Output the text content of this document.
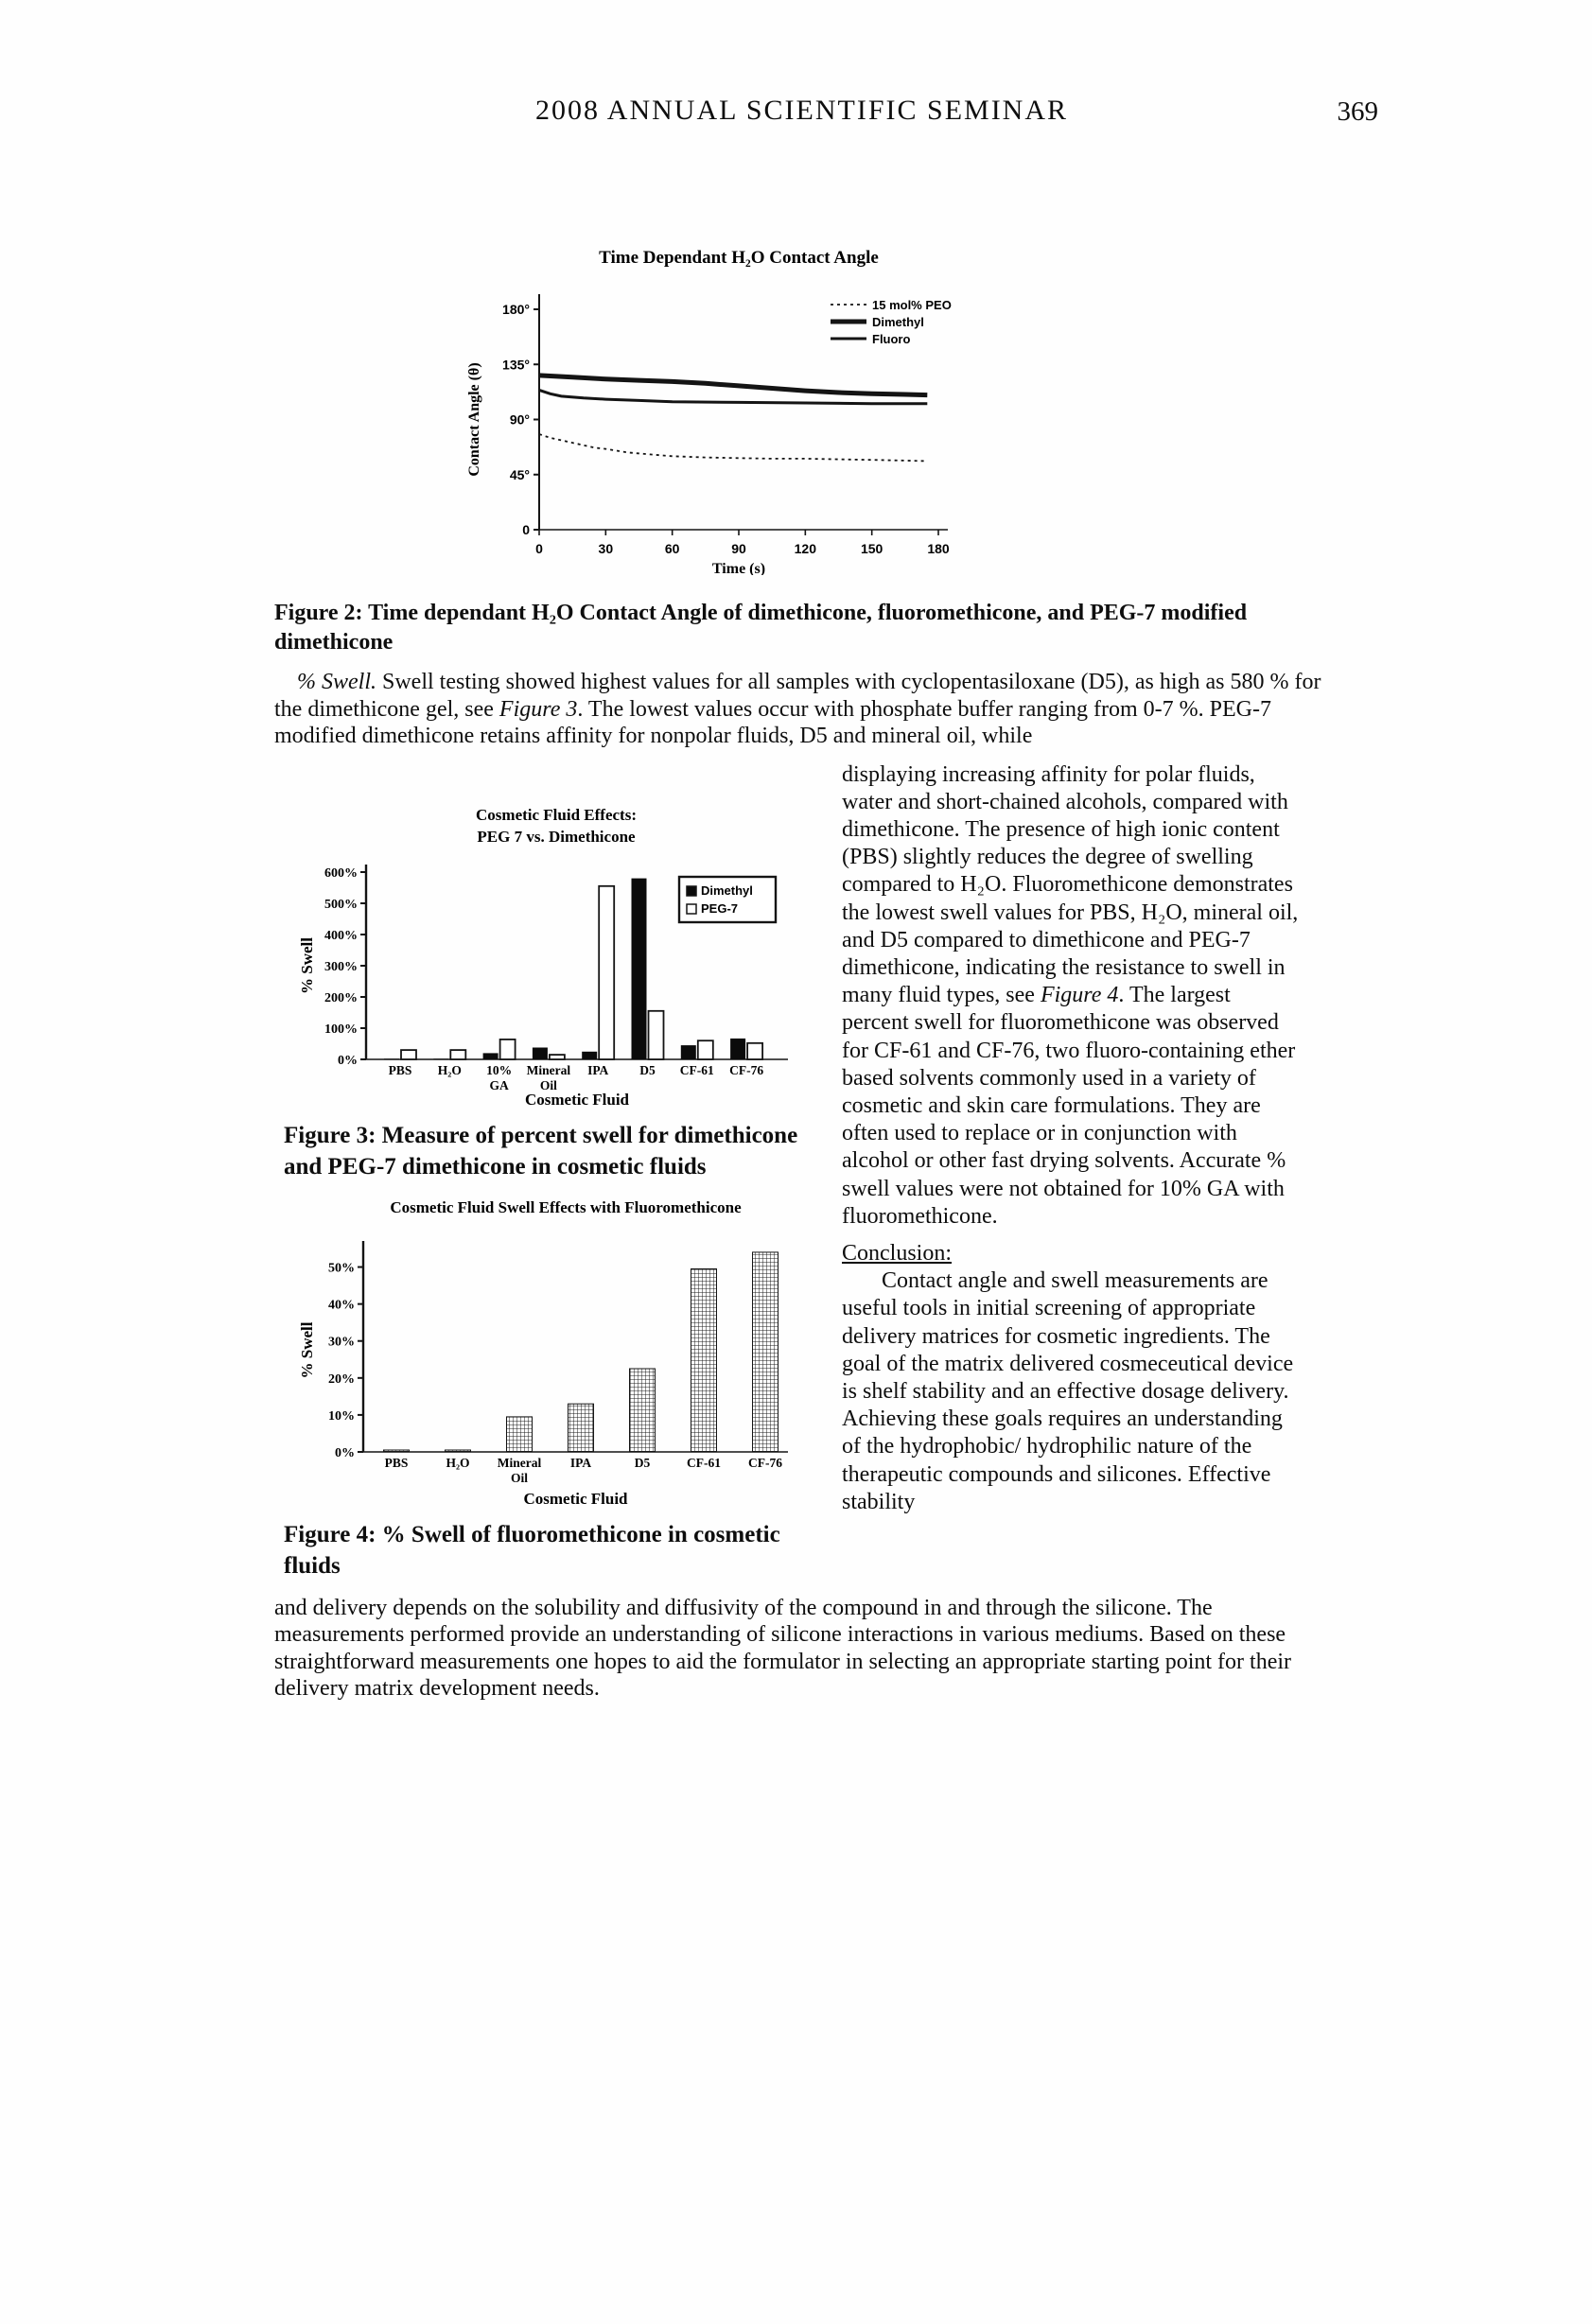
2008 ANNUAL SCIENTIFIC SEMINAR	369
Time Dependant H₂O Contact Angle
180°
135°
90°
45°
0
0	30	60	90	120	150	180
Time (s)
Contact Angle (θ)
15 mol% PEO
Dimethyl
Fluoro

Figure 2: Time dependant H₂O Contact Angle of dimethicone, fluoromethicone, and PEG-7 modified dimethicone

% Swell. Swell testing showed highest values for all samples with cyclopentasiloxane (D5), as high as 580 % for the dimethicone gel, see Figure 3. The lowest values occur with phosphate buffer ranging from 0-7 %. PEG-7 modified dimethicone retains affinity for nonpolar fluids, D5 and mineral oil, while

Cosmetic Fluid Effects:
PEG 7 vs. Dimethicone
600%
500%
400%
300%
200%
100%
0%
PBS H₂O 10%
GA
Mineral
Oil
IPA D5 CF-61 CF-76
Dimethyl
PEG-7
Cosmetic Fluid
% Swell

Figure 3: Measure of percent swell for dimethicone and PEG-7 dimethicone in cosmetic fluids

Cosmetic Fluid Swell Effects with Fluoromethicone
50%
40%
30%
20%
10%
0%
PBS	H₂O Mineral
Oil
IPA	D5	CF-61 CF-76
Cosmetic Fluid
% Swell

Figure 4: % Swell of fluoromethicone in cosmetic fluids

displaying increasing affinity for polar fluids, water and short-chained alcohols, compared with dimethicone. The presence of high ionic content (PBS) slightly reduces the degree of swelling compared to H₂O. Fluoromethicone demonstrates the lowest swell values for PBS, H₂O, mineral oil, and D5 compared to dimethicone and PEG-7 dimethicone, indicating the resistance to swell in many fluid types, see Figure 4. The largest percent swell for fluoromethicone was observed for CF-61 and CF-76, two fluoro-containing ether based solvents commonly used in a variety of cosmetic and skin care formulations. They are often used to replace or in conjunction with alcohol or other fast drying solvents. Accurate % swell values were not obtained for 10% GA with fluoromethicone.

Conclusion:

Contact angle and swell measurements are useful tools in initial screening of appropriate delivery matrices for cosmetic ingredients. The goal of the matrix delivered cosmeceutical device is shelf stability and an effective dosage delivery. Achieving these goals requires an understanding of the hydrophobic/ hydrophilic nature of the therapeutic compounds and silicones. Effective stability

and delivery depends on the solubility and diffusivity of the compound in and through the silicone. The measurements performed provide an understanding of silicone interactions in various mediums. Based on these straightforward measurements one hopes to aid the formulator in selecting an appropriate starting point for their delivery matrix development needs.
